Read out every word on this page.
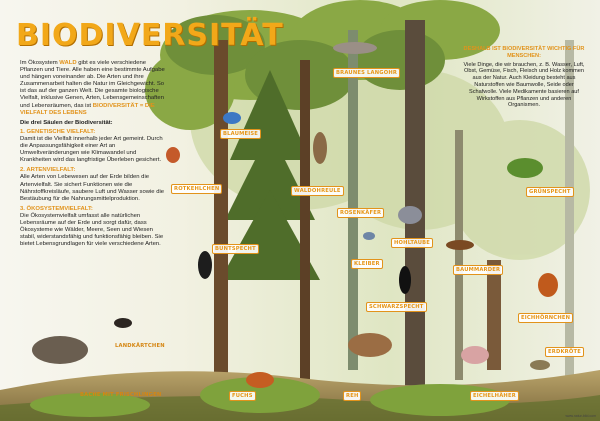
BIODIVERSITÄT

Im Ökosystem WALD gibt es viele verschiedene Pflanzen und Tiere. Alle haben eine bestimmte Aufgabe und hängen voneinander ab. Die Arten und ihre Zusammenarbeit halten die Natur im Gleichgewicht. So ist das auf der ganzen Welt. Die gesamte biologische Vielfalt, inklusive Genen, Arten, Lebensgemeinschaften und Lebensräumen, das ist BIODIVERSITÄT = DIE VIELFALT DES LEBENS

Die drei Säulen der Biodiversität:
1. GENETISCHE VIELFALT:

Damit ist die Vielfalt innerhalb jeder Art gemeint. Durch die Anpassungsfähigkeit einer Art an Umweltveränderungen wie Klimawandel und Krankheiten wird das langfristige Überleben gesichert.

2. ARTENVIELFALT:

Alle Arten von Lebewesen auf der Erde bilden die Artenvielfalt. Sie sichert Funktionen wie die Nährstoffkreisläufe, saubere Luft und Wasser sowie die Bestäubung für die Nahrungsmittelproduktion.

3. ÖKOSYSTEMVIELFALT:

Die Ökosystemvielfalt umfasst alle natürlichen Lebensräume auf der Erde und sorgt dafür, dass Ökosysteme wie Wälder, Meere, Seen und Wiesen stabil, widerstandsfähig und funktionsfähig bleiben. Sie bietet Lebensgrundlagen für viele verschiedene Arten.

DESHALB IST BIODIVERSITÄT WICHTIG FÜR MENSCHEN:
Viele Dinge, die wir brauchen, z. B. Wasser, Luft, Obst, Gemüse, Fisch, Fleisch und Holz kommen aus der Natur. Auch Kleidung besteht aus Naturstoffen wie Baumwolle, Seide oder Schafwolle. Viele Medikamente basieren auf Wirkstoffen aus Pflanzen und anderen Organismen.
BRAUNES LANGOHR
BLAUMEISE
ROTKEHLCHEN	WALDOHREULE
ROSENKÄFER
GRÜNSPECHT
BUNTSPECHT
KLEIBER
HOHLTAUBE
BAUMMARDER
SCHWARZSPECHT
EICHHÖRNCHEN
LANDKÄRTCHEN
ERDKRÖTE
BACHE MIT FRISCHLINGEN	FUCHS	REH	EICHELHÄHER
www.natur-bild.com
